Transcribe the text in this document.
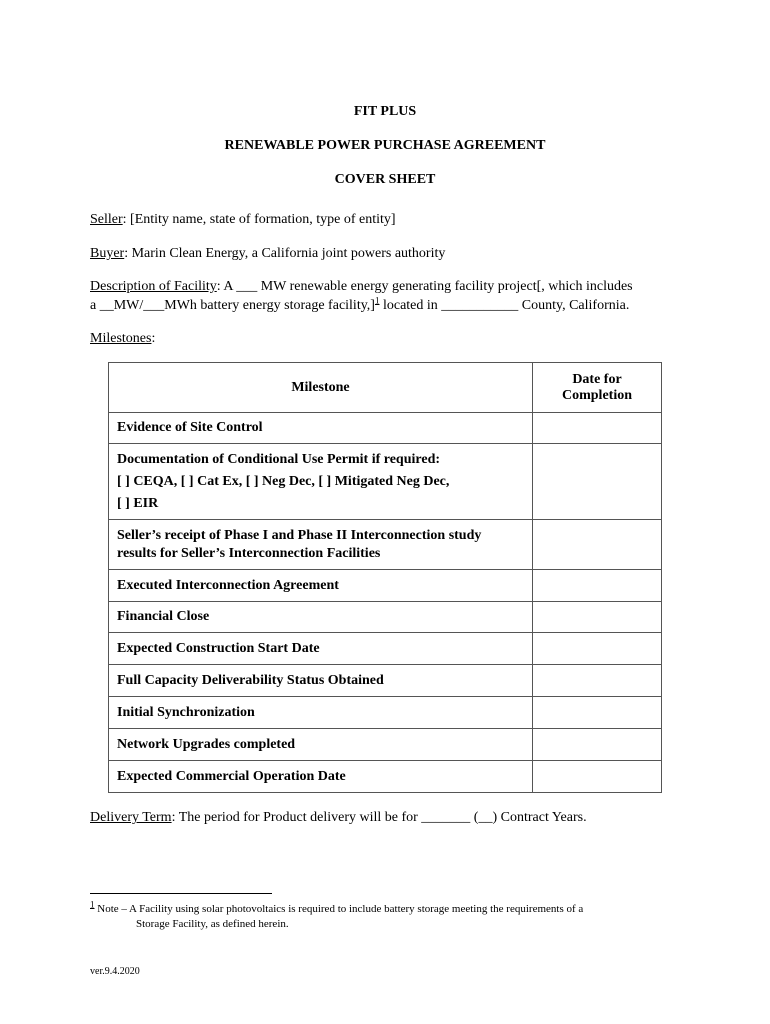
FIT PLUS
RENEWABLE POWER PURCHASE AGREEMENT
COVER SHEET
Seller: [Entity name, state of formation, type of entity]
Buyer: Marin Clean Energy, a California joint powers authority
Description of Facility: A ___ MW renewable energy generating facility project[, which includes
a __MW/___MWh battery energy storage facility,]$^1$ located in ___________ County, California.
Milestones:
Milestone	Date for
Completion

Evidence of Site Control	

Documentation of Conditional Use Permit if required:
[ ] CEQA, [ ] Cat Ex, [ ] Neg Dec, [ ] Mitigated Neg Dec,
[ ] EIR	

Seller’s receipt of Phase I and Phase II Interconnection study
results for Seller’s Interconnection Facilities	

Executed Interconnection Agreement	
Financial Close	
Expected Construction Start Date	
Full Capacity Deliverability Status Obtained	
Initial Synchronization	
Network Upgrades completed	
Expected Commercial Operation Date	
Delivery Term: The period for Product delivery will be for _______ (__) Contract Years.
$^1$ Note – A Facility using solar photovoltaics is required to include battery storage meeting the requirements of a
Storage Facility, as defined herein.
ver.9.4.2020
